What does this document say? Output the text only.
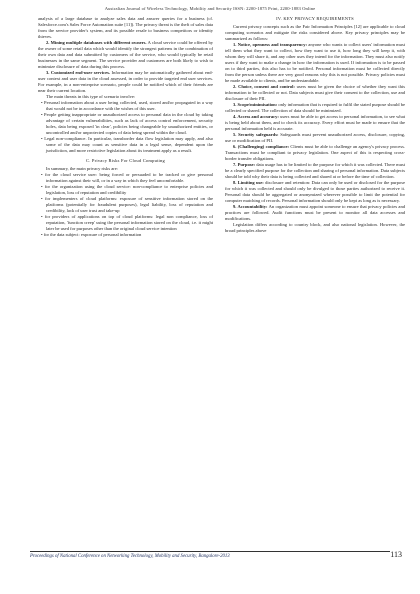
Australian Journal of Wireless Technology, Mobility and Security ISSN: 2200-1875 Print, 2200-1883 Online

analysis of a large database to analyze sales data and answer queries for a business (cf. Salesforce.com's Sales Force Automation suite [11]). The privacy threat is the theft of sales data from the service provider's system, and its possible resale to business competitors or identity thieves.

2. Mining multiple databases with different owners. A cloud service could be offered by the owner of some retail data which would identify the strongest patterns in the combination of their own data and data submitted by customers of the service, who would typically be retail businesses in the same segment. The service provider and customers are both likely to wish to minimize disclosure of data during this process.

3. Customized end-user services. Information may be automatically gathered about end-user context and user data in the cloud assessed, in order to provide targeted end user services. For example, in a non-enterprise scenario, people could be notified which of their friends are near their current location.

The main threats in this type of scenario involve:

• Personal information about a user being collected, used, stored and/or propagated in a way that would not be in accordance with the wishes of this user.

• People getting inappropriate or unauthorized access to personal data in the cloud by taking advantage of certain vulnerabilities, such as lack of access control enforcement, security holes, data being exposed 'in clear', policies being changeable by unauthorized entities, or uncontrolled and/or unprotected copies of data being spread within the cloud.

• Legal non-compliance. In particular, transborder data flow legislation may apply, and also some of the data may count as sensitive data in a legal sense, dependent upon the jurisdiction, and more restrictive legislation about its treatment apply as a result.

C. Privacy Risks For Cloud Computing

In summary, the main privacy risks are:

• for the cloud service user: being forced or persuaded to be tracked or give personal information against their will, or in a way in which they feel uncomfortable.

• for the organization using the cloud service: non-compliance to enterprise policies and legislation, loss of reputation and credibility

• for implementers of cloud platforms: exposure of sensitive information stored on the platforms (potentially for fraudulent purposes), legal liability, loss of reputation and credibility, lack of user trust and take-up

• for providers of applications on top of cloud platforms: legal non compliance, loss of reputation, 'function creep' using the personal information stored on the cloud, i.e. it might later be used for purposes other than the original cloud service intention

• for the data subject: exposure of personal information

IV. KEY PRIVACY REQUIREMENTS

Current privacy concepts such as the Fair Information Principles [12] are applicable to cloud computing scenarios and mitigate the risks considered above. Key privacy principles may be summarized as follows:

1. Notice, openness and transparency: anyone who wants to collect users' information must tell them what they want to collect, how they want to use it, how long they will keep it, with whom they will share it, and any other uses they intend for the information. They must also notify users if they want to make a change in how the information is used. If information is to be passed on to third parties, this also has to be notified. Personal information must be collected directly from the person unless there are very good reasons why this is not possible. Privacy policies must be made available to clients, and be understandable.

2. Choice, consent and control: users must be given the choice of whether they want this information to be collected or not. Data subjects must give their consent to the collection, use and disclosure of their PII.

3. Scope/minimisation: only information that is required to fulfil the stated purpose should be collected or shared. The collection of data should be minimized.

4. Access and accuracy: users must be able to get access to personal information, to see what is being held about them, and to check its accuracy. Every effort must be made to ensure that the personal information held is accurate.

5. Security safeguards: Safeguards must prevent unauthorized access, disclosure, copying, use or modification of PII.

6. (Challenging) compliance: Clients must be able to challenge an agency's privacy process. Transactions must be compliant to privacy legislation. One aspect of this is respecting cross-border transfer obligations.

7. Purpose: data usage has to be limited to the purpose for which it was collected. There must be a clearly specified purpose for the collection and sharing of personal information. Data subjects should be told why their data is being collected and shared at or before the time of collection.

8. Limiting use: disclosure and retention: Data can only be used or disclosed for the purpose for which it was collected and should only be divulged to those parties authorized to receive it. Personal data should be aggregated or anonymized wherever possible to limit the potential for computer matching of records. Personal information should only be kept as long as is necessary.

9. Accountability: An organization must appoint someone to ensure that privacy policies and practices are followed. Audit functions must be present to monitor all data accesses and modifications.

Legislation differs according to country block, and also national legislation. However, the broad principles above

Proceedings of National Conference on Networking Technology, Mobility and Security, Bangalore-2013	113
